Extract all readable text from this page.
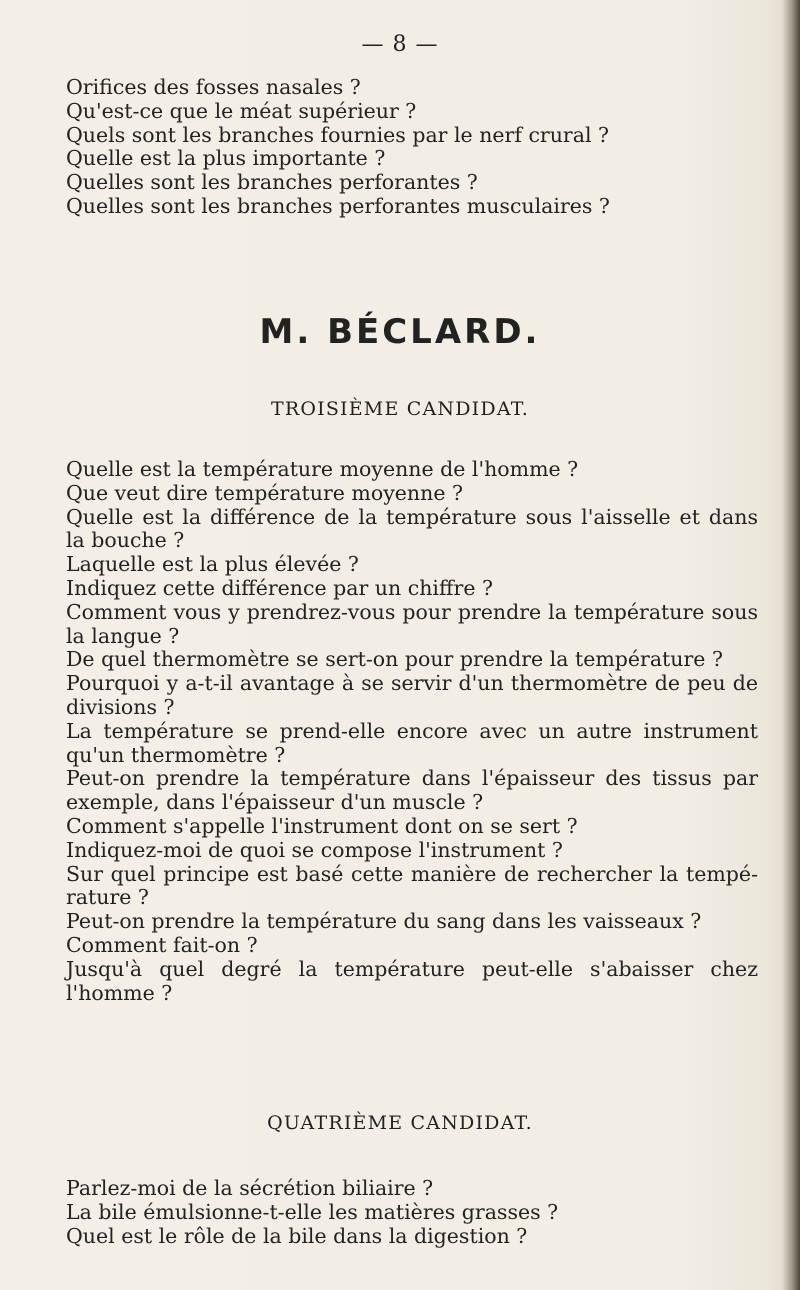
— 8 —

Orifices des fosses nasales ?

Qu'est-ce que le méat supérieur ?

Quels sont les branches fournies par le nerf crural ?

Quelle est la plus importante ?

Quelles sont les branches perforantes ?

Quelles sont les branches perforantes musculaires ?

M. BÉCLARD.
TROISIÈME CANDIDAT.

Quelle est la température moyenne de l'homme ?

Que veut dire température moyenne ?

Quelle est la différence de la température sous l'aisselle et dans la bouche ?

Laquelle est la plus élevée ?

Indiquez cette différence par un chiffre ?

Comment vous y prendrez-vous pour prendre la température sous la langue ?

De quel thermomètre se sert-on pour prendre la température ?

Pourquoi y a-t-il avantage à se servir d'un thermomètre de peu de divisions ?

La température se prend-elle encore avec un autre instrument qu'un thermomètre ?

Peut-on prendre la température dans l'épaisseur des tissus par exemple, dans l'épaisseur d'un muscle ?

Comment s'appelle l'instrument dont on se sert ?

Indiquez-moi de quoi se compose l'instrument ?

Sur quel principe est basé cette manière de rechercher la tempé-rature ?

Peut-on prendre la température du sang dans les vaisseaux ?

Comment fait-on ?

Jusqu'à quel degré la température peut-elle s'abaisser chez l'homme ?

QUATRIÈME CANDIDAT.

Parlez-moi de la sécrétion biliaire ?

La bile émulsionne-t-elle les matières grasses ?

Quel est le rôle de la bile dans la digestion ?
